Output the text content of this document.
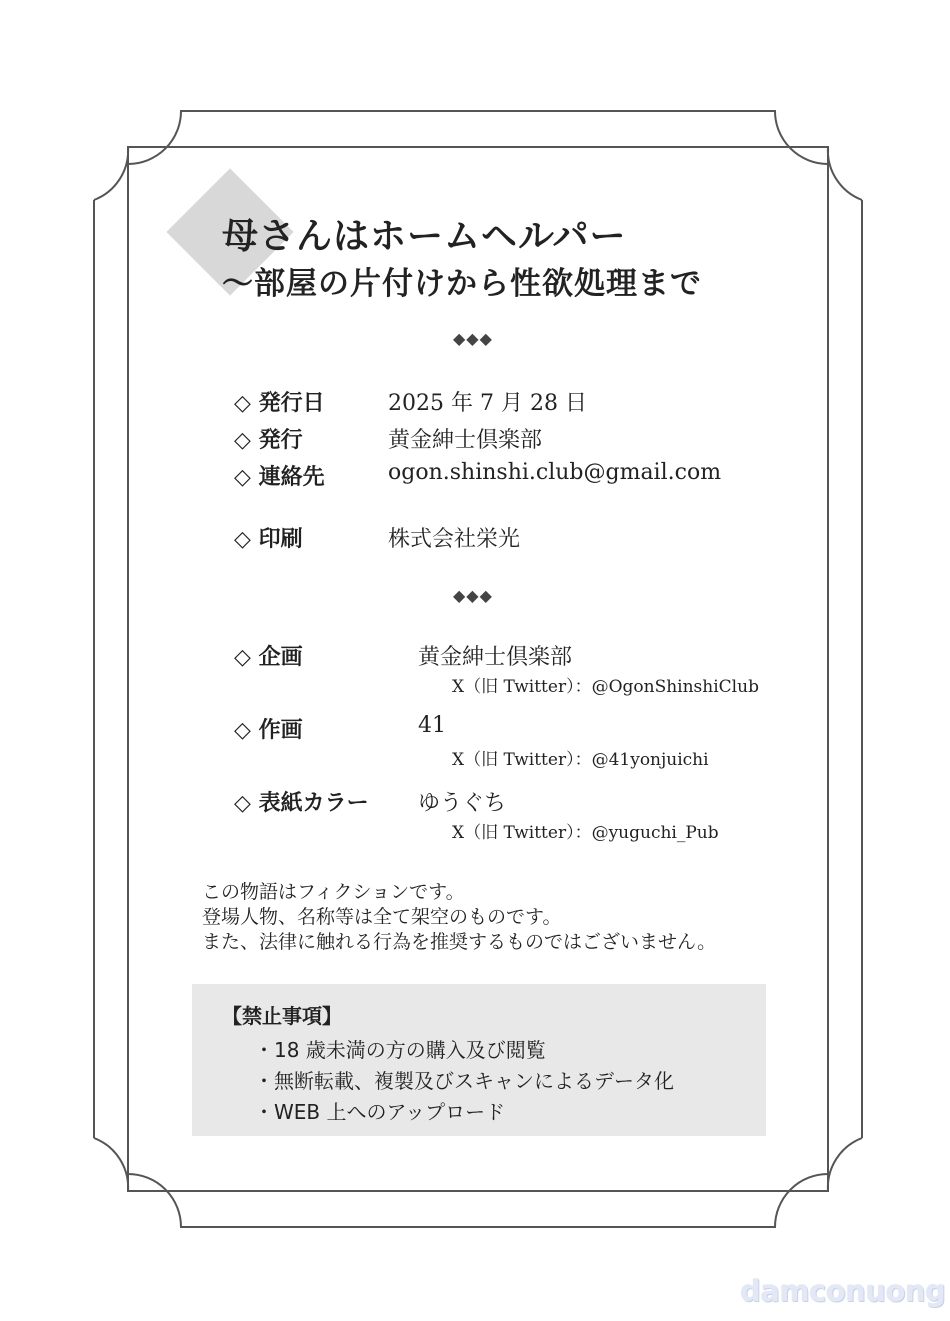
母さんはホームヘルパー
～部屋の片付けから性欲処理まで
◆◆◆
◇ 発行日	2025 年 7 月 28 日
◇ 発行	黄金紳士倶楽部
◇ 連絡先	ogon.shinshi.club@gmail.com
◇ 印刷	株式会社栄光
◆◆◆
◇ 企画	黄金紳士倶楽部
X（旧 Twitter）：@OgonShinshiClub
◇ 作画	41
X（旧 Twitter）：@41yonjuichi
◇ 表紙カラー ゆうぐち
X（旧 Twitter）：@yuguchi_Pub
この物語はフィクションです。
登場人物、名称等は全て架空のものです。
また、法律に触れる行為を推奨するものではございません。
【禁止事項】
・18 歳未満の方の購入及び閲覧
・無断転載、複製及びスキャンによるデータ化
・WEB 上へのアップロード
damconuong
